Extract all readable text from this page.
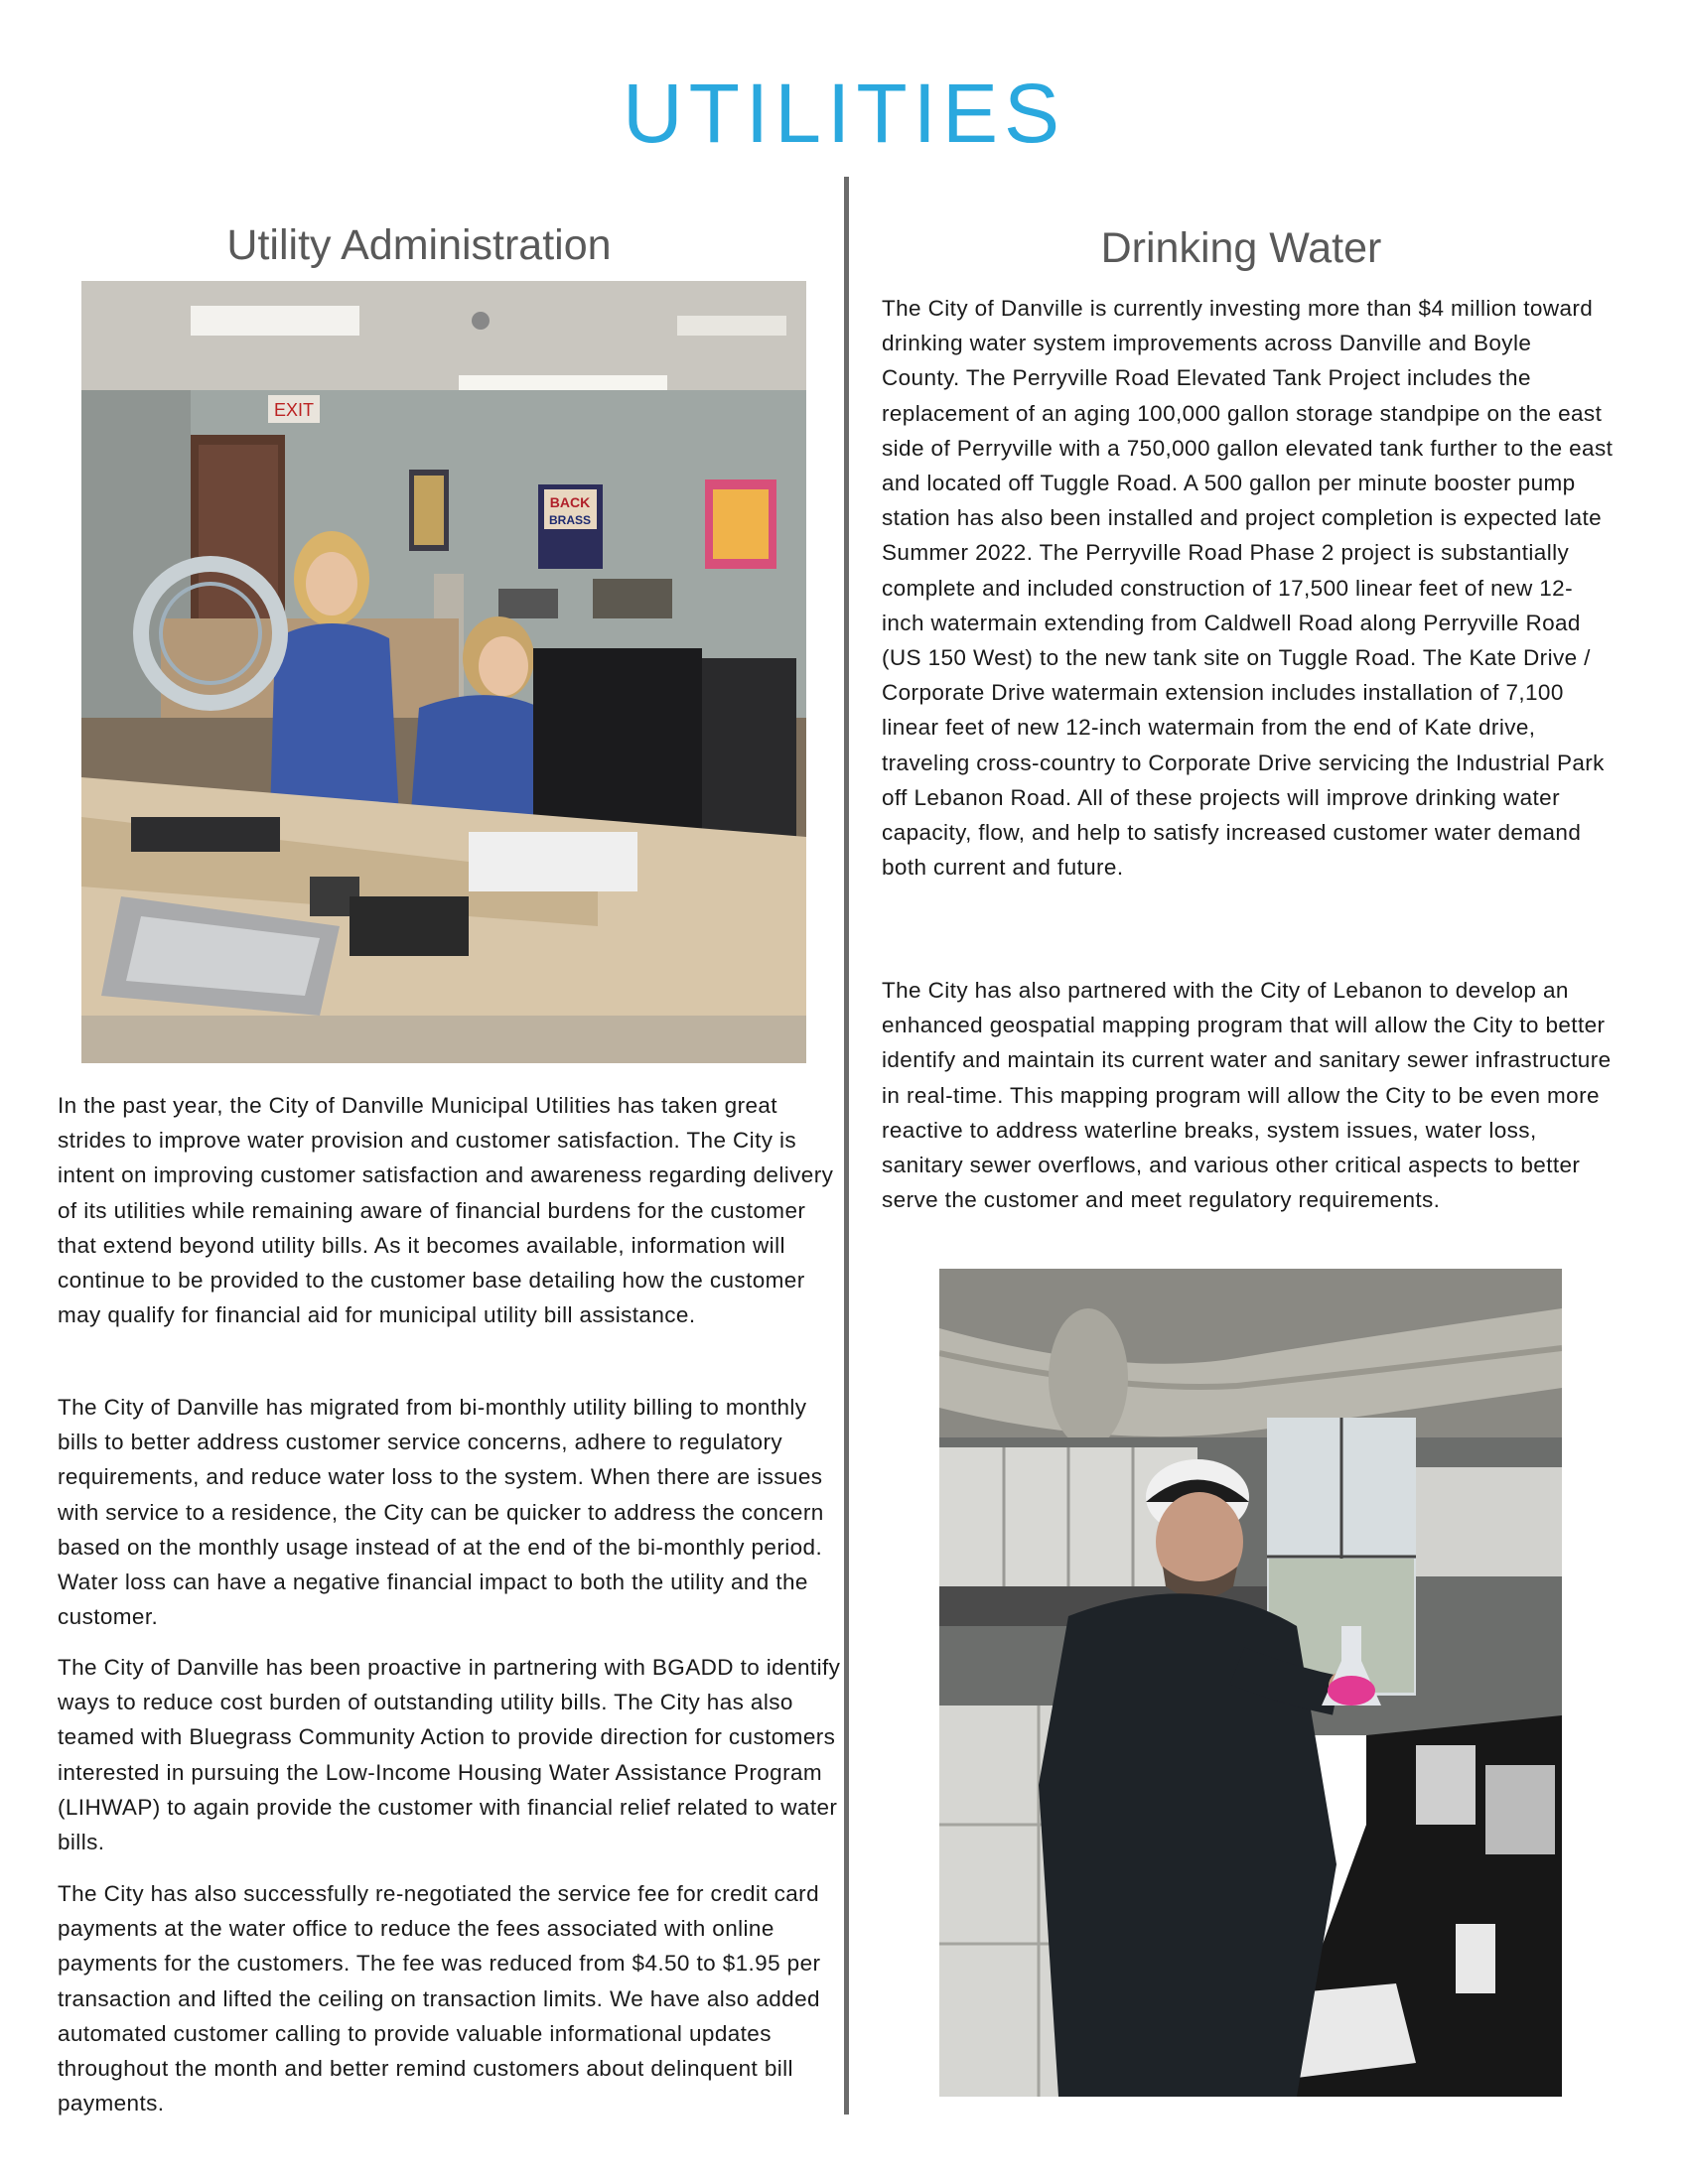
UTILITIES
Utility Administration
EXIT
BACK
BRASS
In the past year, the City of Danville Municipal Utilities has taken great strides to improve water provision and customer satisfaction. The City is intent on improving customer satisfaction and awareness regarding delivery of its utilities while remaining aware of financial burdens for the customer that extend beyond utility bills. As it becomes available, information will continue to be provided to the customer base detailing how the customer may qualify for financial aid for municipal utility bill assistance.
The City of Danville has migrated from bi-monthly utility billing to monthly bills to better address customer service concerns, adhere to regulatory requirements, and reduce water loss to the system. When there are issues with service to a residence, the City can be quicker to address the concern based on the monthly usage instead of at the end of the bi-monthly period. Water loss can have a negative financial impact to both the utility and the customer.
The City of Danville has been proactive in partnering with BGADD to identify ways to reduce cost burden of outstanding utility bills. The City has also teamed with Bluegrass Community Action to provide direction for customers interested in pursuing the Low-Income Housing Water Assistance Program (LIHWAP) to again provide the customer with financial relief related to water bills.
The City has also successfully re-negotiated the service fee for credit card payments at the water office to reduce the fees associated with online payments for the customers. The fee was reduced from $4.50 to $1.95 per transaction and lifted the ceiling on transaction limits. We have also added automated customer calling to provide valuable informational updates throughout the month and better remind customers about delinquent bill payments.
Drinking Water
The City of Danville is currently investing more than $4 million toward drinking water system improvements across Danville and Boyle County. The Perryville Road Elevated Tank Project includes the replacement of an aging 100,000 gallon storage standpipe on the east side of Perryville with a 750,000 gallon elevated tank further to the east and located off Tuggle Road. A 500 gallon per minute booster pump station has also been installed and project completion is expected late Summer 2022. The Perryville Road Phase 2 project is substantially complete and included construction of 17,500 linear feet of new 12-inch watermain extending from Caldwell Road along Perryville Road (US 150 West) to the new tank site on Tuggle Road. The Kate Drive / Corporate Drive watermain extension includes installation of 7,100 linear feet of new 12-inch watermain from the end of Kate drive, traveling cross-country to Corporate Drive servicing the Industrial Park off Lebanon Road. All of these projects will improve drinking water capacity, flow, and help to satisfy increased customer water demand both current and future.
The City has also partnered with the City of Lebanon to develop an enhanced geospatial mapping program that will allow the City to better identify and maintain its current water and sanitary sewer infrastructure in real-time. This mapping program will allow the City to be even more reactive to address waterline breaks, system issues, water loss, sanitary sewer overflows, and various other critical aspects to better serve the customer and meet regulatory requirements.
